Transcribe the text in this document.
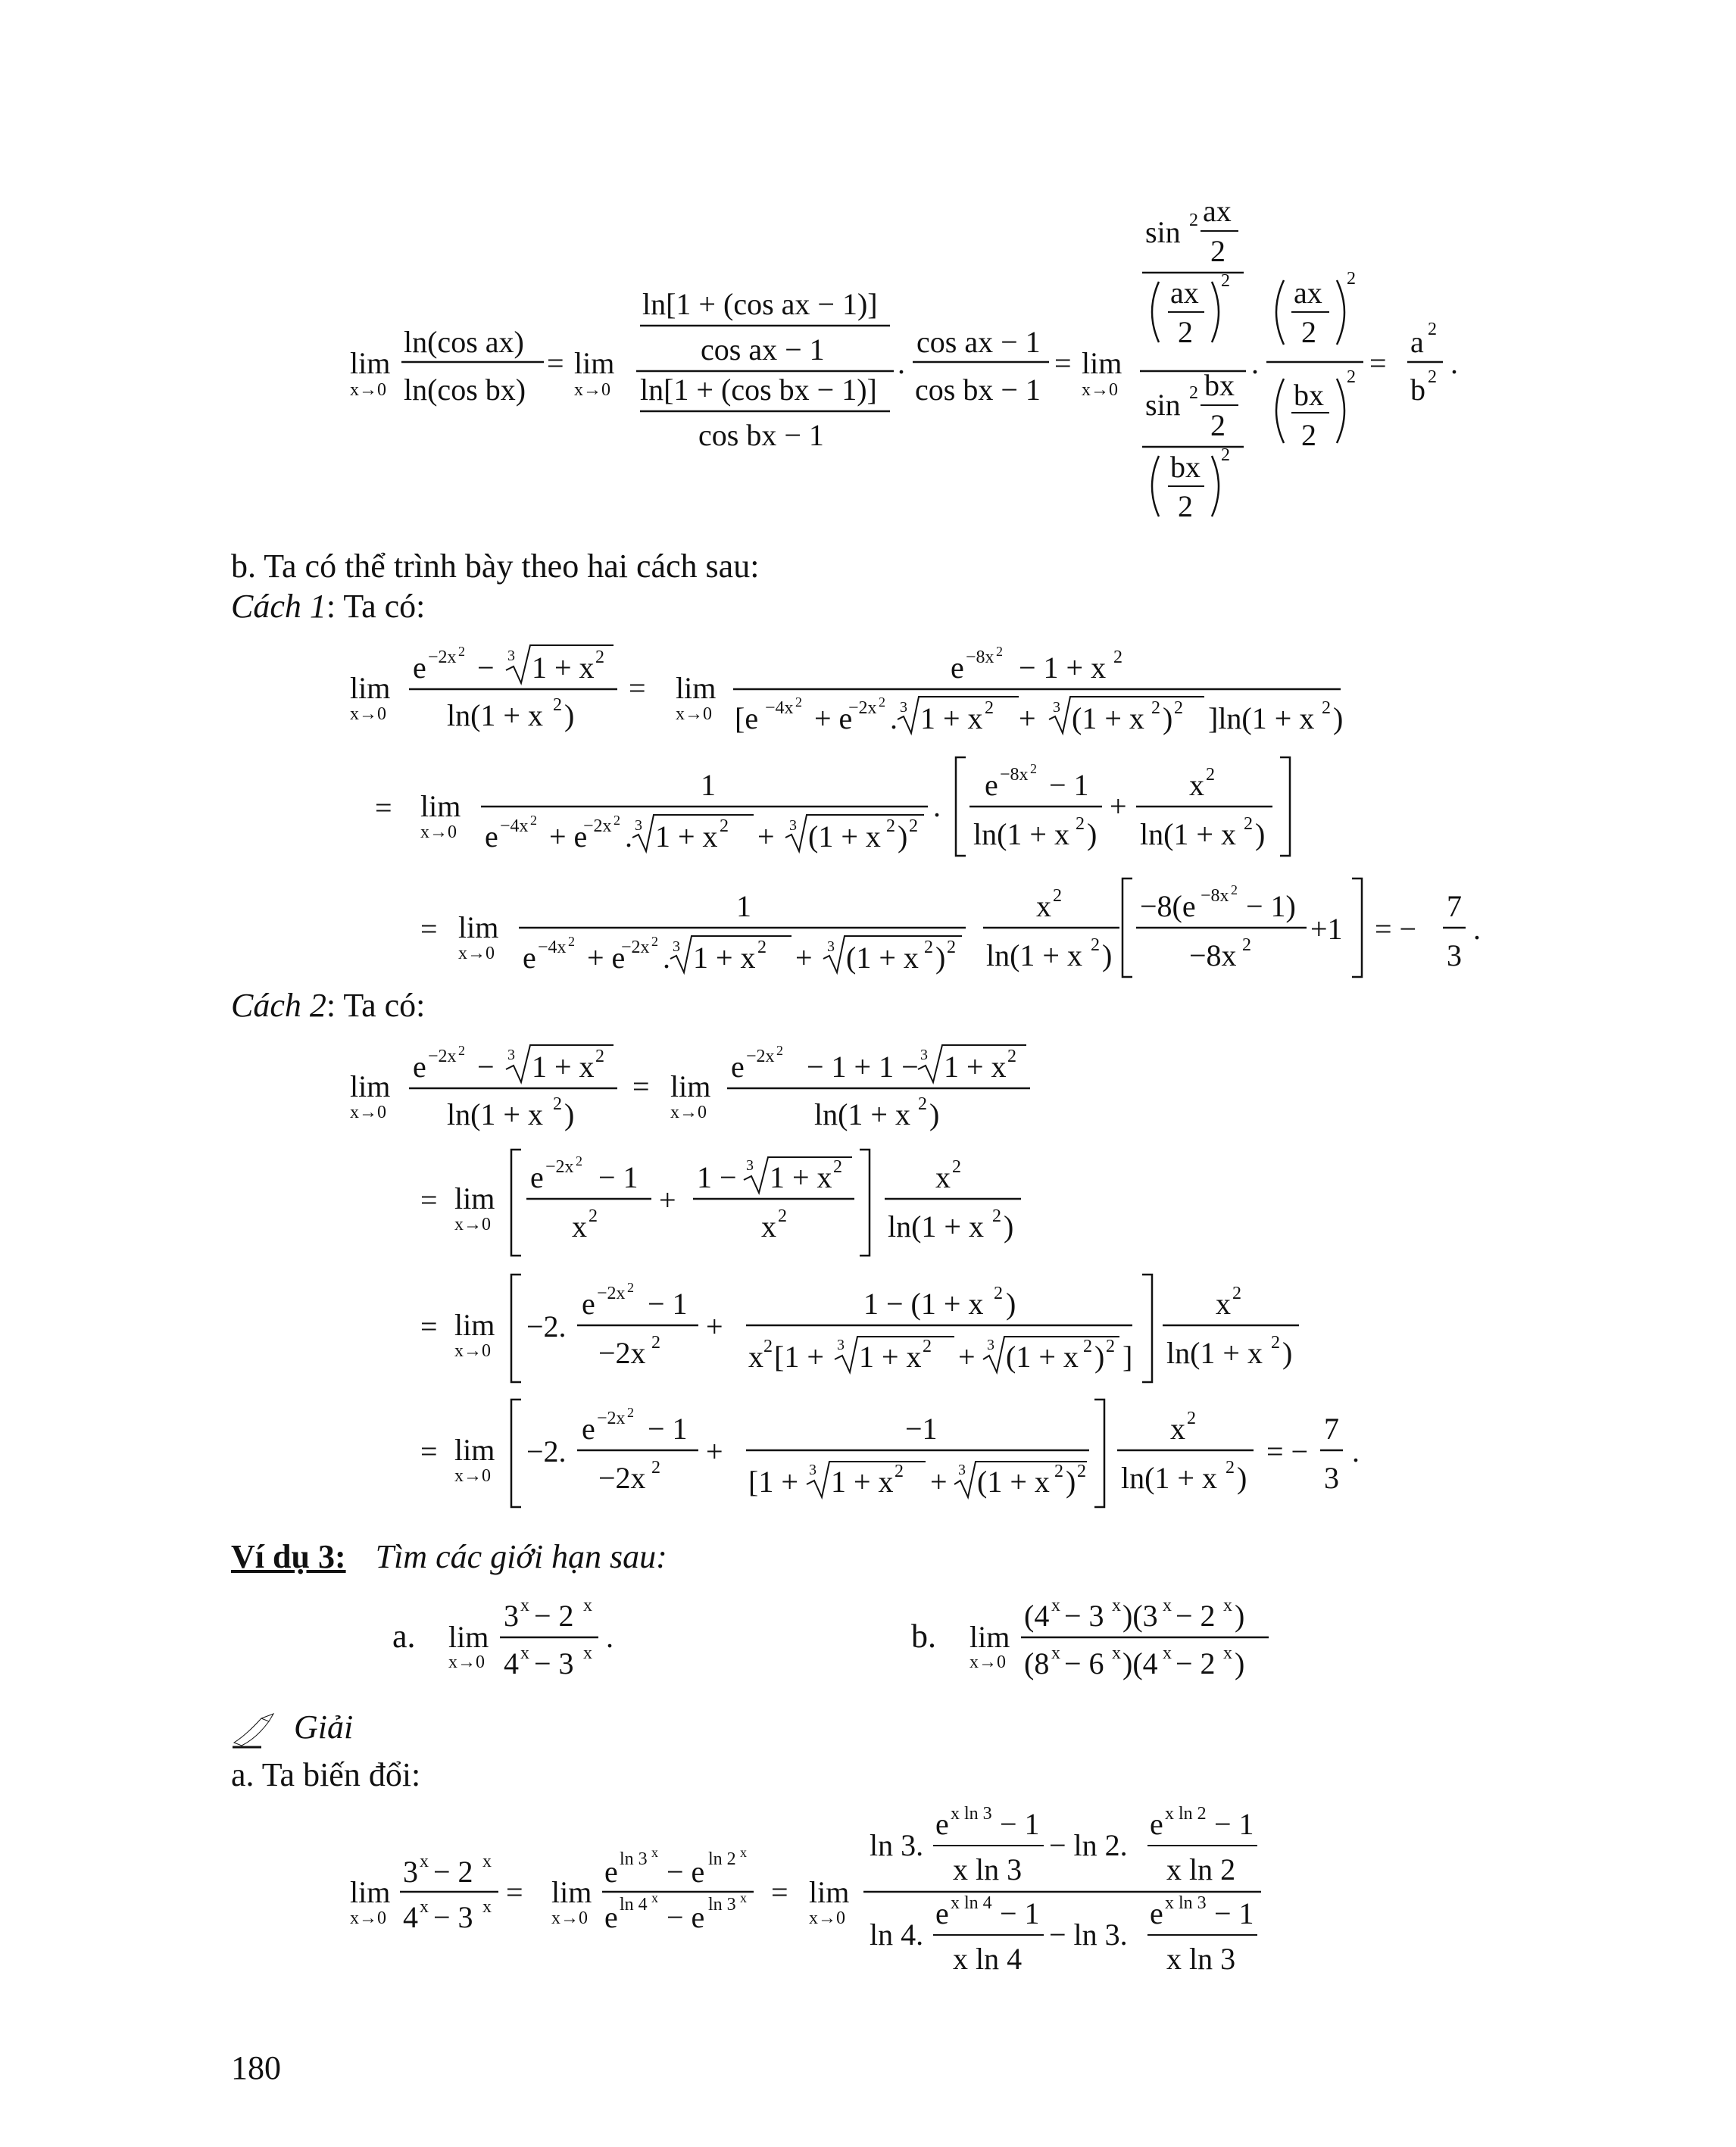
lim
x→0
ln(cos ax)
ln(cos bx)
= lim
x→0
ln[1 + (cos ax − 1)]
cos ax − 1
ln[1 + (cos bx − 1)]
cos bx − 1
.
cos ax − 1
cos bx − 1
= lim
x→0
sin 2 ax
2
ax
2
2
sin 2 bx
2
bx
2
2
.
ax
2
2
bx
2
2 =
a 2
b 2 .
b. Ta có thể trình bày theo hai cách sau:
Cách 1: Ta có:
lim
x→0
e −2x 2 − 3 1 + x 2
ln(1 + x 2 )
= lim
x→0
e −8x 2 − 1 + x 2
[e −4x 2 + e
−2x 2 . 3 1 + x 2 + 3 (1 + x 2 ) 2 ]ln(1 + x 2 )
= lim
x→0
1
e −4x 2 + e
−2x 2 . 3 1 + x 2 + 3 (1 + x 2 ) 2
.
e −8x 2 − 1
ln(1 + x 2 )
+
x 2
ln(1 + x 2 )
= lim
x→0
1
e −4x 2 + e
−2x 2 . 3 1 + x 2 + 3 (1 + x 2 ) 2
x 2
ln(1 + x 2 )
−8(e −8x 2 − 1)
−8x 2 +1 = −
7
3
.
Cách 2: Ta có:
lim
x→0
e −2x 2 − 3 1 + x 2
ln(1 + x 2 )
= lim
x→0
e −2x 2 − 1 + 1 − 3 1 + x 2
ln(1 + x 2 )
= lim
x→0
e −2x 2 − 1
x 2 +
1 − 3 1 + x 2
x 2
x 2
ln(1 + x 2 )
= lim
x→0
−2.
e −2x 2 − 1
−2x 2 +
1 − (1 + x 2 )
x 2 [1 + 3 1 + x 2 + 3 (1 + x 2 ) 2 ]
x 2
ln(1 + x 2 )
= lim
x→0
−2.
e −2x 2 − 1
−2x 2 +
−1
[1 + 3 1 + x 2 + 3 (1 + x 2 ) 2
x 2
ln(1 + x 2 )
= −
7
3
.
Ví dụ 3: Tìm các giới hạn sau:
a.	b.
lim
x→0
3 x − 2 x
4 x − 3 x .	lim
x→0
(4 x − 3 x )(3 x − 2 x )
(8 x − 6 x )(4 x − 2 x )
Giải
a. Ta biến đổi:
lim
x→0
3 x − 2 x
4 x − 3 x = lim
x→0
e ln 3 x
− e ln 2 x
e ln 4 x
− e ln 3 x = lim
x→0
ln 3.
e x ln 3 − 1
x ln 3
− ln 2.
e x ln 2 − 1
x ln 2
ln 4.
e x ln 4 − 1
x ln 4
− ln 3.
e x ln 3 − 1
x ln 3
180
